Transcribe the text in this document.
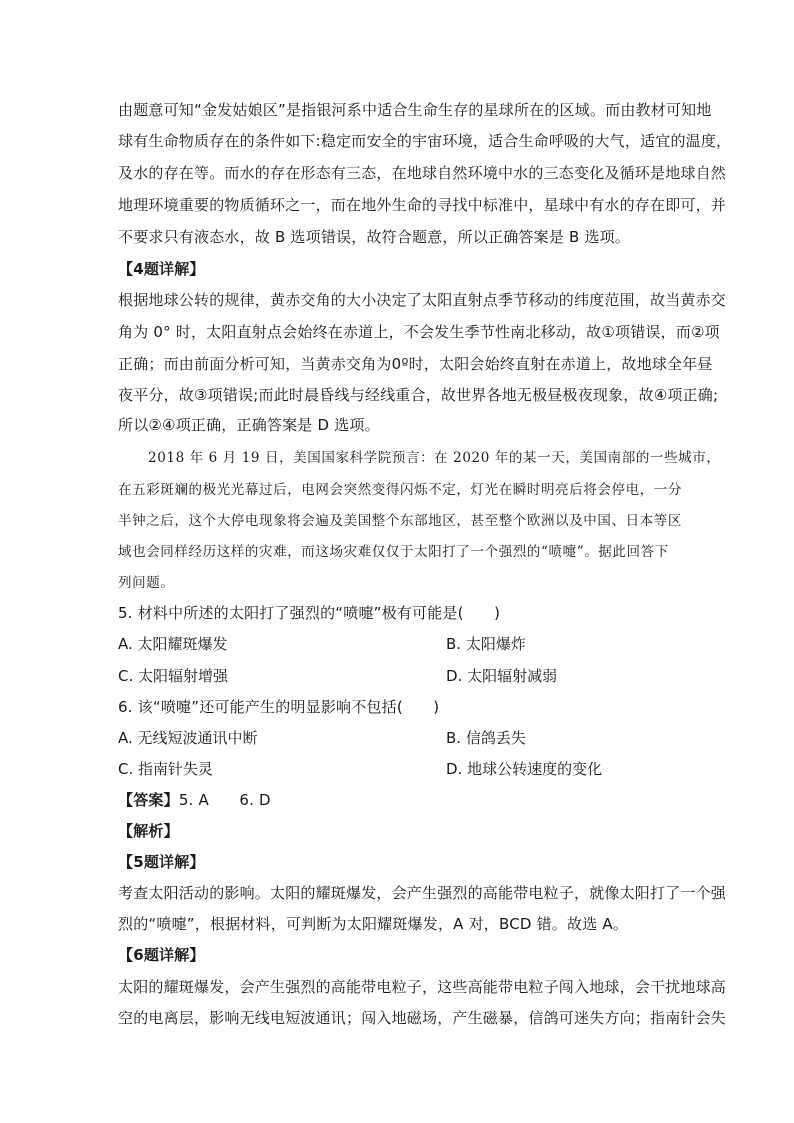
由题意可知“金发姑娘区”是指银河系中适合生命生存的星球所在的区域。而由教材可知地
球有生命物质存在的条件如下:稳定而安全的宇宙环境，适合生命呼吸的大气，适宜的温度，
及水的存在等。而水的存在形态有三态，在地球自然环境中水的三态变化及循环是地球自然
地理环境重要的物质循环之一，而在地外生命的寻找中标准中，星球中有水的存在即可，并
不要求只有液态水，故 B 选项错误，故符合题意，所以正确答案是 B 选项。
【4题详解】
根据地球公转的规律，黄赤交角的大小决定了太阳直射点季节移动的纬度范围，故当黄赤交
角为 0° 时，太阳直射点会始终在赤道上，不会发生季节性南北移动，故①项错误，而②项
正确；而由前面分析可知，当黄赤交角为0º时，太阳会始终直射在赤道上，故地球全年昼
夜平分，故③项错误;而此时晨昏线与经线重合，故世界各地无极昼极夜现象，故④项正确;
所以②④项正确，正确答案是 D 选项。
2018 年 6 月 19 日，美国国家科学院预言：在 2020 年的某一天，美国南部的一些城市，
在五彩斑斓的极光光幕过后，电网会突然变得闪烁不定，灯光在瞬时明亮后将会停电，一分
半钟之后，这个大停电现象将会遍及美国整个东部地区，甚至整个欧洲以及中国、日本等区
域也会同样经历这样的灾难，而这场灾难仅仅于太阳打了一个强烈的“喷嚏”。据此回答下
列问题。
5. 材料中所述的太阳打了强烈的“喷嚏”极有可能是(　　)
A. 太阳耀斑爆发	B. 太阳爆炸
C. 太阳辐射增强	D. 太阳辐射减弱
6. 该“喷嚏”还可能产生的明显影响不包括(　　)
A. 无线短波通讯中断	B. 信鸽丢失
C. 指南针失灵	D. 地球公转速度的变化
【答案】5. A　　6. D
【解析】
【5题详解】
考查太阳活动的影响。太阳的耀斑爆发，会产生强烈的高能带电粒子，就像太阳打了一个强
烈的“喷嚏”，根据材料，可判断为太阳耀斑爆发，A 对，BCD 错。故选 A。
【6题详解】
太阳的耀斑爆发，会产生强烈的高能带电粒子，这些高能带电粒子闯入地球，会干扰地球高
空的电离层，影响无线电短波通讯；闯入地磁场，产生磁暴，信鸽可迷失方向；指南针会失
